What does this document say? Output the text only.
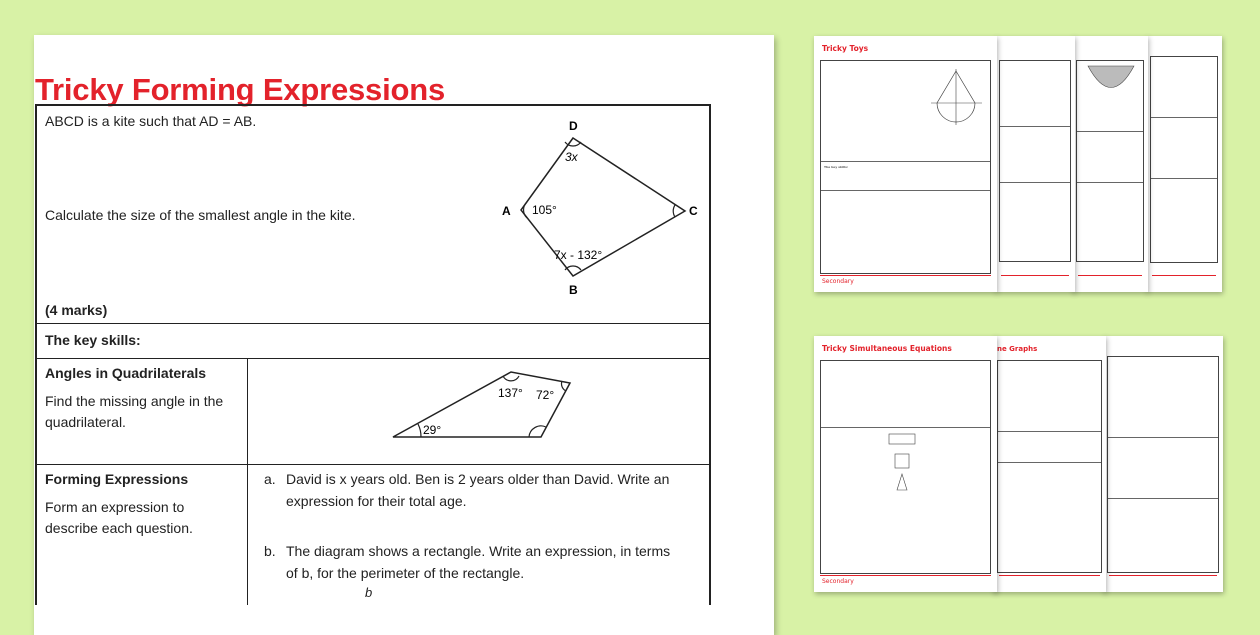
Tricky Forming Expressions
ABCD is a kite such that AD = AB.
Calculate the size of the smallest angle in the kite.
(4 marks)
D
A
B
C
3x
105°
7x - 132°
The key skills:
Angles in Quadrilaterals

Find the missing angle in the quadrilateral.

137° 72°
29°
Forming Expressions

Form an expression to describe each question.

a. David is x years old. Ben is 2 years older than David. Write an expression for their total age.
b. The diagram shows a rectangle. Write an expression, in terms of b, for the perimeter of the rectangle.
b
Tricky Toys
The key skills:
Secondary
ne Graphs
Tricky Simultaneous Equations
Secondary
